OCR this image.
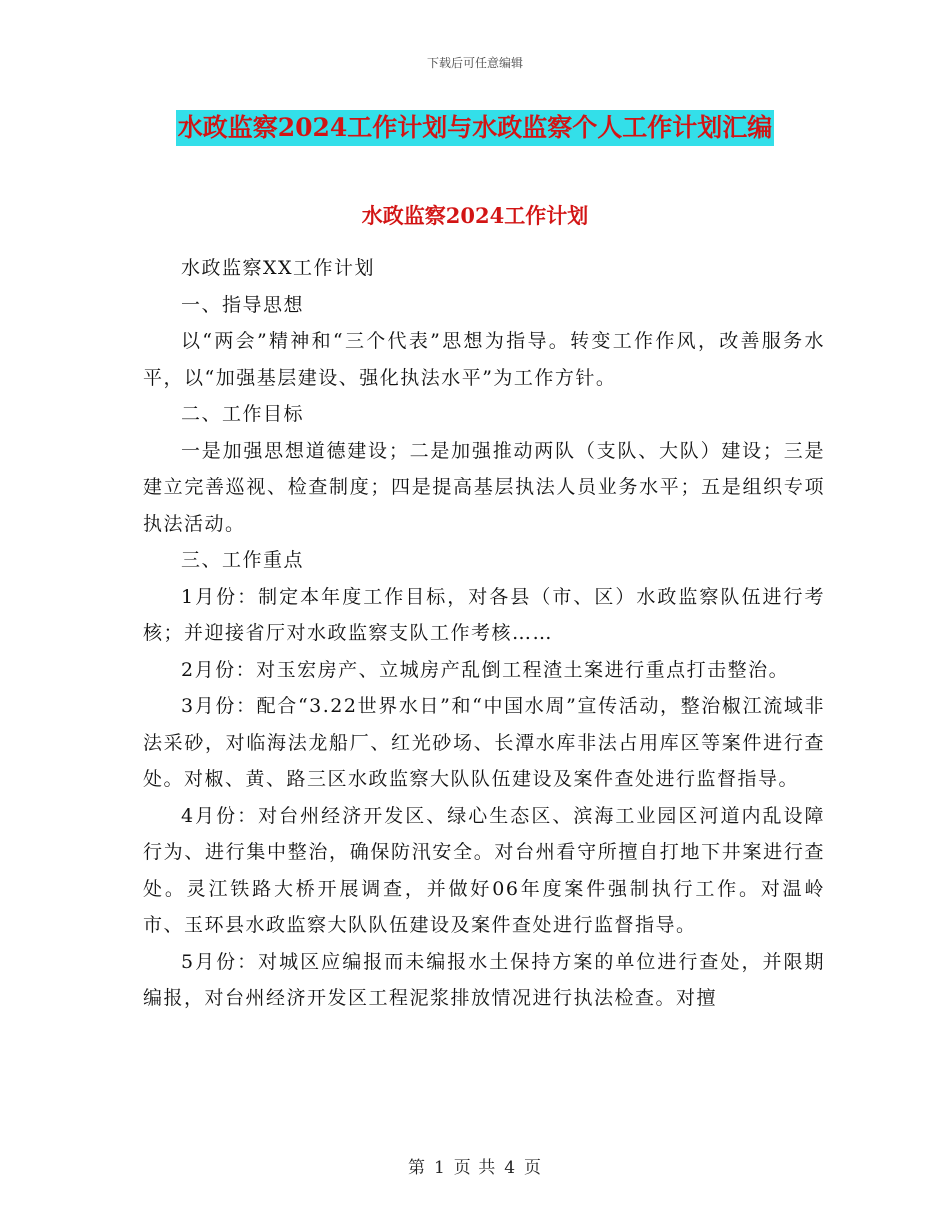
下载后可任意编辑
水政监察2024工作计划与水政监察个人工作计划汇编
水政监察2024工作计划

水政监察XX工作计划

一、指导思想

以“两会”精神和“三个代表”思想为指导。转变工作作风，改善服务水平，以“加强基层建设、强化执法水平”为工作方针。

二、工作目标

一是加强思想道德建设；二是加强推动两队（支队、大队）建设；三是建立完善巡视、检查制度；四是提高基层执法人员业务水平；五是组织专项执法活动。

三、工作重点

1月份：制定本年度工作目标，对各县（市、区）水政监察队伍进行考核；并迎接省厅对水政监察支队工作考核……

2月份：对玉宏房产、立城房产乱倒工程渣土案进行重点打击整治。

3月份：配合“3.22世界水日”和“中国水周”宣传活动，整治椒江流域非法采砂，对临海法龙船厂、红光砂场、长潭水库非法占用库区等案件进行查处。对椒、黄、路三区水政监察大队队伍建设及案件查处进行监督指导。

4月份：对台州经济开发区、绿心生态区、滨海工业园区河道内乱设障行为、进行集中整治，确保防汛安全。对台州看守所擅自打地下井案进行查处。灵江铁路大桥开展调查，并做好06年度案件强制执行工作。对温岭市、玉环县水政监察大队队伍建设及案件查处进行监督指导。

5月份：对城区应编报而未编报水土保持方案的单位进行查处，并限期编报，对台州经济开发区工程泥浆排放情况进行执法检查。对擅

第 1 页 共 4 页
